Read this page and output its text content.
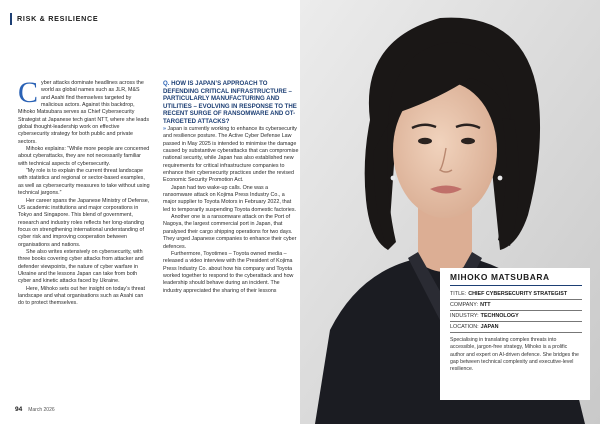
RISK & RESILIENCE

Cyber attacks dominate headlines across the world as global names such as JLR, M&S and Asahi find themselves targeted by malicious actors. Against this backdrop, Mihoko Matsubara serves as Chief Cybersecurity Strategist at Japanese tech giant NTT, where she leads global thought-leadership work on effective cybersecurity strategy for both public and private sectors.

Mihoko explains: “While more people are concerned about cyberattacks, they are not necessarily familiar with technical aspects of cybersecurity.

“My role is to explain the current threat landscape with statistics and regional or sector-based examples, as well as cybersecurity measures to take without using technical jargons.”

Her career spans the Japanese Ministry of Defense, US academic institutions and major corporations in Tokyo and Singapore. This blend of government, research and industry roles reflects her long-standing focus on strengthening international understanding of cyber risk and improving cooperation between organisations and nations.

She also writes extensively on cybersecurity, with three books covering cyber attacks from attacker and defender viewpoints, the nature of cyber warfare in Ukraine and the lessons Japan can take from both cyber and kinetic attacks faced by Ukraine.

Here, Mihoko sets out her insight on today’s threat landscape and what organisations such as Asahi can do to protect themselves.

Q. HOW IS JAPAN’S APPROACH TO DEFENDING CRITICAL INFRASTRUCTURE – PARTICULARLY MANUFACTURING AND UTILITIES – EVOLVING IN RESPONSE TO THE RECENT SURGE OF RANSOMWARE AND OT-TARGETED ATTACKS?

» Japan is currently working to enhance its cybersecurity and resilience posture. The Active Cyber Defense Law passed in May 2025 is intended to minimise the damage caused by substantive cyberattacks that can compromise national security, while Japan has also established new requirements for critical infrastructure companies to enhance their cybersecurity practices under the revised Economic Security Promotion Act.

Japan had two wake-up calls. One was a ransomware attack on Kojima Press Industry Co., a major supplier to Toyota Motors in February 2022, that led to temporarily suspending Toyota domestic factories.

Another one is a ransomware attack on the Port of Nagoya, the largest commercial port in Japan, that paralysed their cargo shipping operations for two days. They urged Japanese companies to enhance their cyber defences.

Furthermore, Toyotimes – Toyota owned media – released a video interview with the President of Kojima Press Industry Co. about how his company and Toyota worked together to respond to the cyberattack and how leadership should behave during an incident. The industry appreciated the sharing of their lessons

MIHOKO MATSUBARA
TITLE: CHIEF CYBERSECURITY STRATEGIST
COMPANY: NTT
INDUSTRY: TECHNOLOGY
LOCATION: JAPAN

Specialising in translating complex threats into accessible, jargon-free strategy, Mihoko is a prolific author and expert on AI-driven defence. She bridges the gap between technical complexity and executive-level resilience.

94 March 2026
